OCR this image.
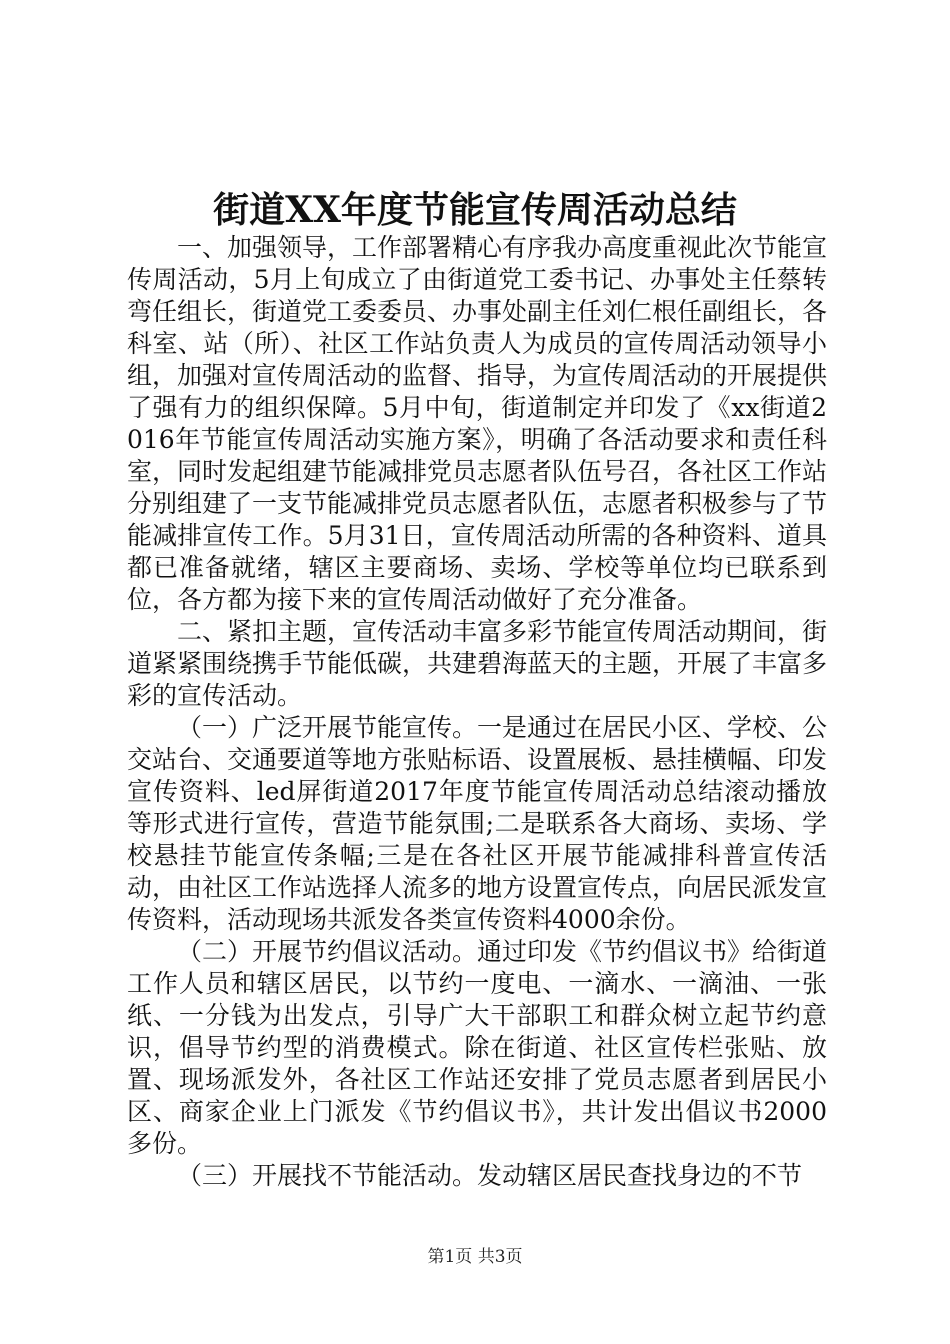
街道XX年度节能宣传周活动总结

一、加强领导，工作部署精心有序我办高度重视此次节能宣传周活动，5月上旬成立了由街道党工委书记、办事处主任蔡转弯任组长，街道党工委委员、办事处副主任刘仁根任副组长，各科室、站（所）、社区工作站负责人为成员的宣传周活动领导小组，加强对宣传周活动的监督、指导，为宣传周活动的开展提供了强有力的组织保障。5月中旬，街道制定并印发了《xx街道2016年节能宣传周活动实施方案》，明确了各活动要求和责任科室，同时发起组建节能减排党员志愿者队伍号召，各社区工作站分别组建了一支节能减排党员志愿者队伍，志愿者积极参与了节能减排宣传工作。5月31日，宣传周活动所需的各种资料、道具都已准备就绪，辖区主要商场、卖场、学校等单位均已联系到位，各方都为接下来的宣传周活动做好了充分准备。

二、紧扣主题，宣传活动丰富多彩节能宣传周活动期间，街道紧紧围绕携手节能低碳，共建碧海蓝天的主题，开展了丰富多彩的宣传活动。

（一）广泛开展节能宣传。一是通过在居民小区、学校、公交站台、交通要道等地方张贴标语、设置展板、悬挂横幅、印发宣传资料、led屏街道2017年度节能宣传周活动总结滚动播放等形式进行宣传，营造节能氛围;二是联系各大商场、卖场、学校悬挂节能宣传条幅;三是在各社区开展节能减排科普宣传活动，由社区工作站选择人流多的地方设置宣传点，向居民派发宣传资料，活动现场共派发各类宣传资料4000余份。

（二）开展节约倡议活动。通过印发《节约倡议书》给街道工作人员和辖区居民，以节约一度电、一滴水、一滴油、一张纸、一分钱为出发点，引导广大干部职工和群众树立起节约意识，倡导节约型的消费模式。除在街道、社区宣传栏张贴、放置、现场派发外，各社区工作站还安排了党员志愿者到居民小区、商家企业上门派发《节约倡议书》，共计发出倡议书2000多份。

（三）开展找不节能活动。发动辖区居民查找身边的不节

第1页 共3页
